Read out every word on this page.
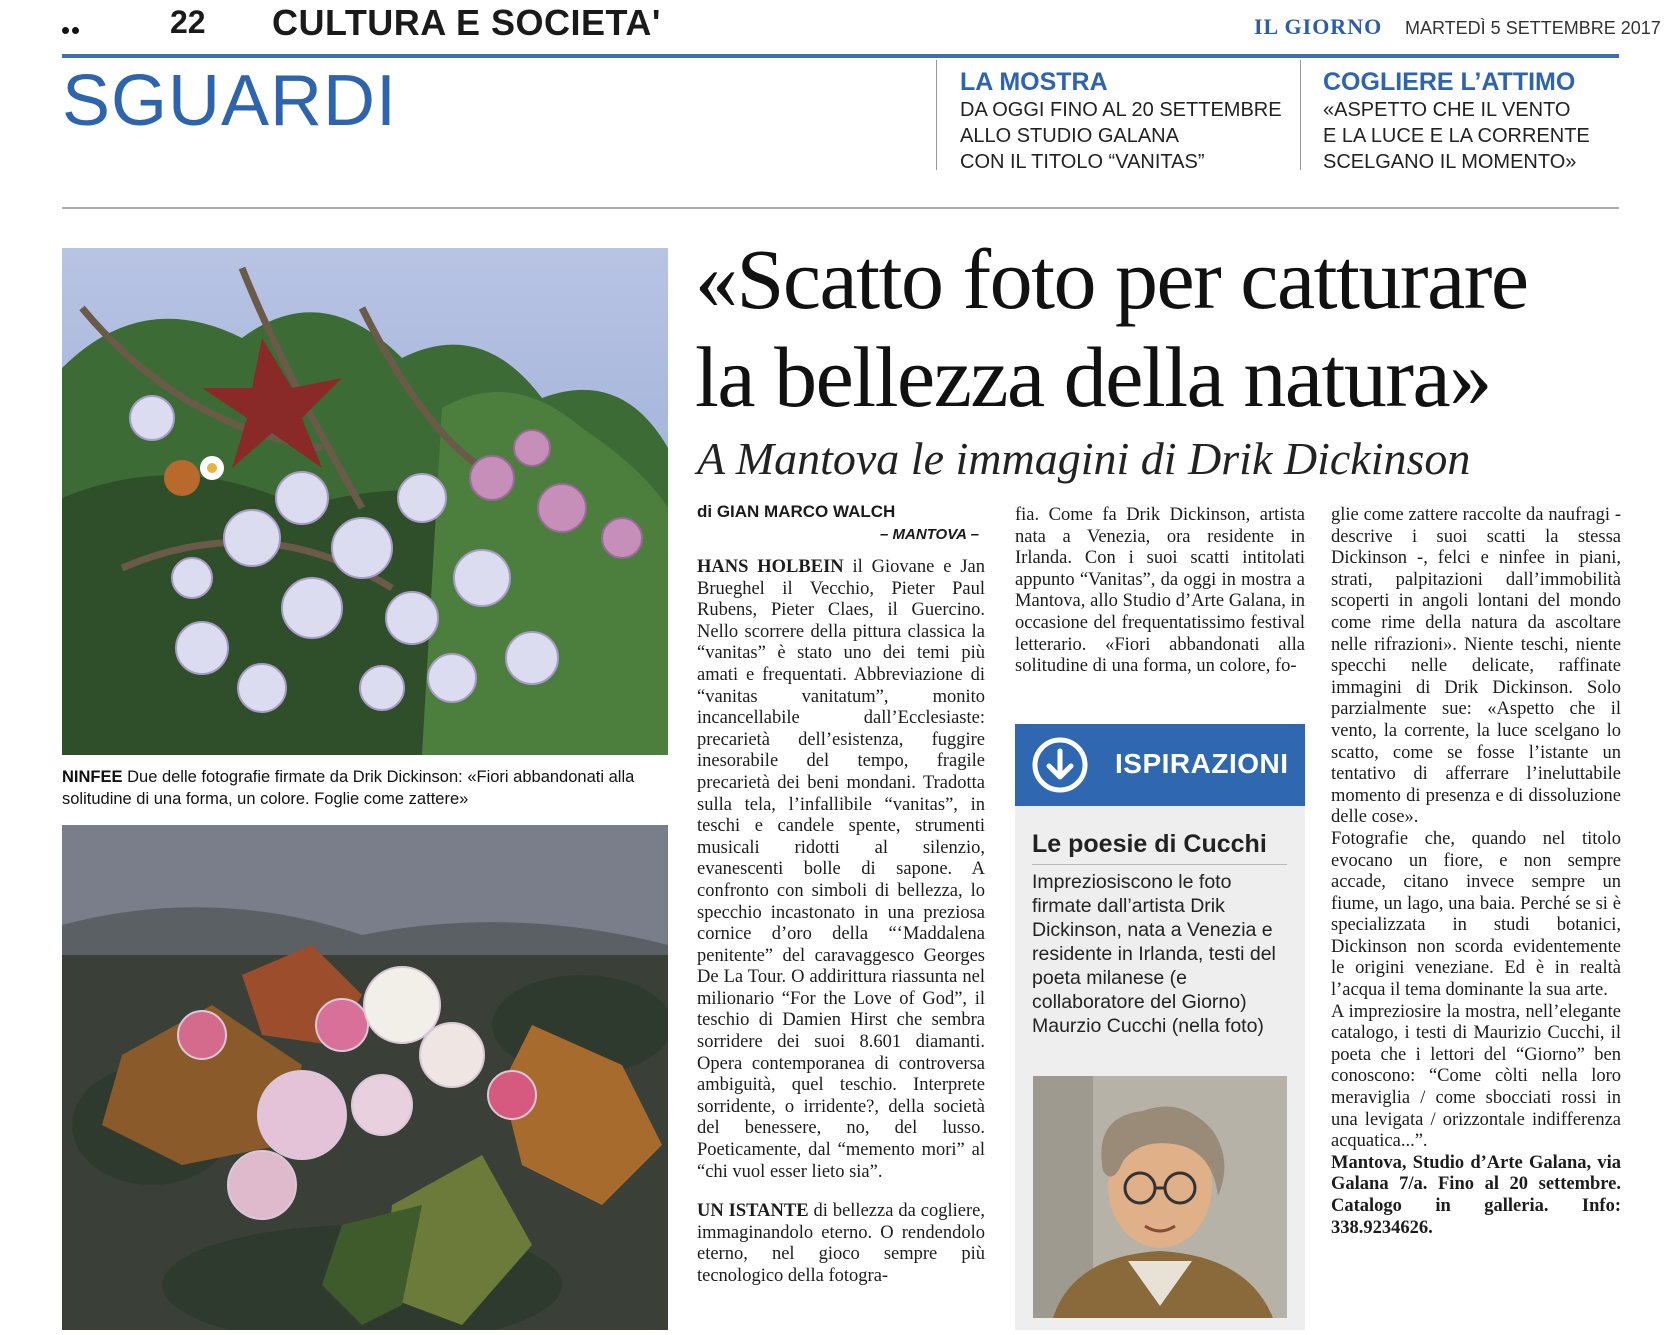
22 CULTURA E SOCIETA'	IL GIORNO MARTEDÌ 5 SETTEMBRE 2017
SGUARDI	LA MOSTRA
DA OGGI FINO AL 20 SETTEMBRE
ALLO STUDIO GALANA
CON IL TITOLO “VANITAS”
COGLIERE L’ATTIMO
«ASPETTO CHE IL VENTO
E LA LUCE E LA CORRENTE
SCELGANO IL MOMENTO»
NINFEE Due delle fotografie firmate da Drik Dickinson: «Fiori abbandonati alla solitudine di una forma, un colore. Foglie come zattere»
«Scatto foto per catturare
la bellezza della natura»
A Mantova le immagini di Drik Dickinson
di GIAN MARCO WALCH
– MANTOVA –

HANS HOLBEIN il Giovane e Jan Brueghel il Vecchio, Pieter Paul Rubens, Pieter Claes, il Guercino. Nello scorrere della pittura classica la “vanitas” è stato uno dei temi più amati e frequentati. Abbreviazione di “vanitas vanitatum”, monito incancellabile dall’Ecclesiaste: precarietà dell’esistenza, fuggire inesorabile del tempo, fragile precarietà dei beni mondani. Tradotta sulla tela, l’infallibile “vanitas”, in teschi e candele spente, strumenti musicali ridotti al silenzio, evanescenti bolle di sapone. A confronto con simboli di bellezza, lo specchio incastonato in una preziosa cornice d’oro della “‘Maddalena penitente” del caravaggesco Georges De La Tour. O addirittura riassunta nel milionario “For the Love of God”, il teschio di Damien Hirst che sembra sorridere dei suoi 8.601 diamanti. Opera contemporanea di controversa ambiguità, quel teschio. Interprete sorridente, o irridente?, della società del benessere, no, del lusso. Poeticamente, dal “memento mori” al “chi vuol esser lieto sia”.

UN ISTANTE di bellezza da cogliere, immaginandolo eterno. O rendendolo eterno, nel gioco sempre più tecnologico della fotogra-

fia. Come fa Drik Dickinson, artista nata a Venezia, ora residente in Irlanda. Con i suoi scatti intitolati appunto “Vanitas”, da oggi in mostra a Mantova, allo Studio d’Arte Galana, in occasione del frequentatissimo festival letterario. «Fiori abbandonati alla solitudine di una forma, un colore, fo-

ISPIRAZIONI
Le poesie di Cucchi
Impreziosiscono le foto firmate dall’artista Drik Dickinson, nata a Venezia e residente in Irlanda, testi del poeta milanese (e collaboratore del Giorno) Maurzio Cucchi (nella foto)

glie come zattere raccolte da naufragi - descrive i suoi scatti la stessa Dickinson -, felci e ninfee in piani, strati, palpitazioni dall’immobilità scoperti in angoli lontani del mondo come rime della natura da ascoltare nelle rifrazioni». Niente teschi, niente specchi nelle delicate, raffinate immagini di Drik Dickinson. Solo parzialmente sue: «Aspetto che il vento, la corrente, la luce scelgano lo scatto, come se fosse l’istante un tentativo di afferrare l’ineluttabile momento di presenza e di dissoluzione delle cose».

Fotografie che, quando nel titolo evocano un fiore, e non sempre accade, citano invece sempre un fiume, un lago, una baia. Perché se si è specializzata in studi botanici, Dickinson non scorda evidentemente le origini veneziane. Ed è in realtà l’acqua il tema dominante la sua arte.

A impreziosire la mostra, nell’elegante catalogo, i testi di Maurizio Cucchi, il poeta che i lettori del “Giorno” ben conoscono: “Come còlti nella loro meraviglia / come sbocciati rossi in una levigata / orizzontale indifferenza acquatica...”.

Mantova, Studio d’Arte Galana, via Galana 7/a. Fino al 20 settembre. Catalogo in galleria. Info: 338.9234626.
